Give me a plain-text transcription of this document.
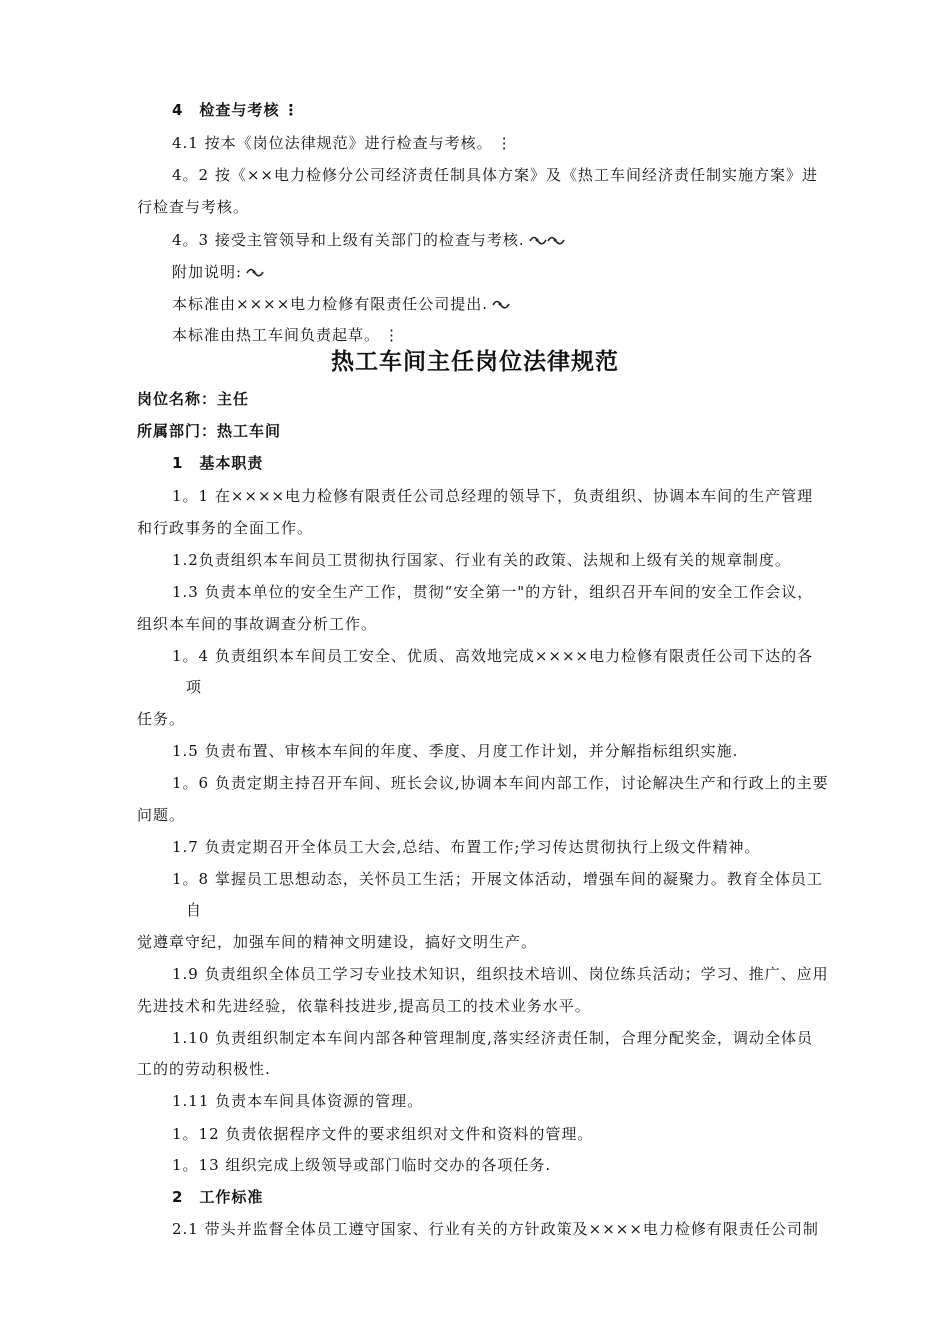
4　检查与考核 ⋮
4.1 按本《岗位法律规范》进行检查与考核。 ⋮
4。2 按《××电力检修分公司经济责任制具体方案》及《热工车间经济责任制实施方案》进
行检查与考核。
4。3 接受主管领导和上级有关部门的检查与考核.
附加说明:
本标准由××××电力检修有限责任公司提出.
本标准由热工车间负责起草。 ⋮
热工车间主任岗位法律规范
岗位名称：主任
所属部门：热工车间
1　基本职责
1。1 在××××电力检修有限责任公司总经理的领导下，负责组织、协调本车间的生产管理
和行政事务的全面工作。
1.2负责组织本车间员工贯彻执行国家、行业有关的政策、法规和上级有关的规章制度。
1.3 负责本单位的安全生产工作，贯彻“安全第一"的方针，组织召开车间的安全工作会议，
组织本车间的事故调查分析工作。
1。4 负责组织本车间员工安全、优质、高效地完成××××电力检修有限责任公司下达的各
项
任务。
1.5 负责布置、审核本车间的年度、季度、月度工作计划，并分解指标组织实施.
1。6 负责定期主持召开车间、班长会议,协调本车间内部工作，讨论解决生产和行政上的主要
问题。
1.7 负责定期召开全体员工大会,总结、布置工作;学习传达贯彻执行上级文件精神。
1。8 掌握员工思想动态，关怀员工生活；开展文体活动，增强车间的凝聚力。教育全体员工
自
觉遵章守纪，加强车间的精神文明建设，搞好文明生产。
1.9 负责组织全体员工学习专业技术知识，组织技术培训、岗位练兵活动；学习、推广、应用
先进技术和先进经验，依靠科技进步,提高员工的技术业务水平。
1.10 负责组织制定本车间内部各种管理制度,落实经济责任制，合理分配奖金，调动全体员
工的的劳动积极性.
1.11 负责本车间具体资源的管理。
1。12 负责依据程序文件的要求组织对文件和资料的管理。
1。13 组织完成上级领导或部门临时交办的各项任务.
2　工作标准
2.1 带头并监督全体员工遵守国家、行业有关的方针政策及××××电力检修有限责任公司制
